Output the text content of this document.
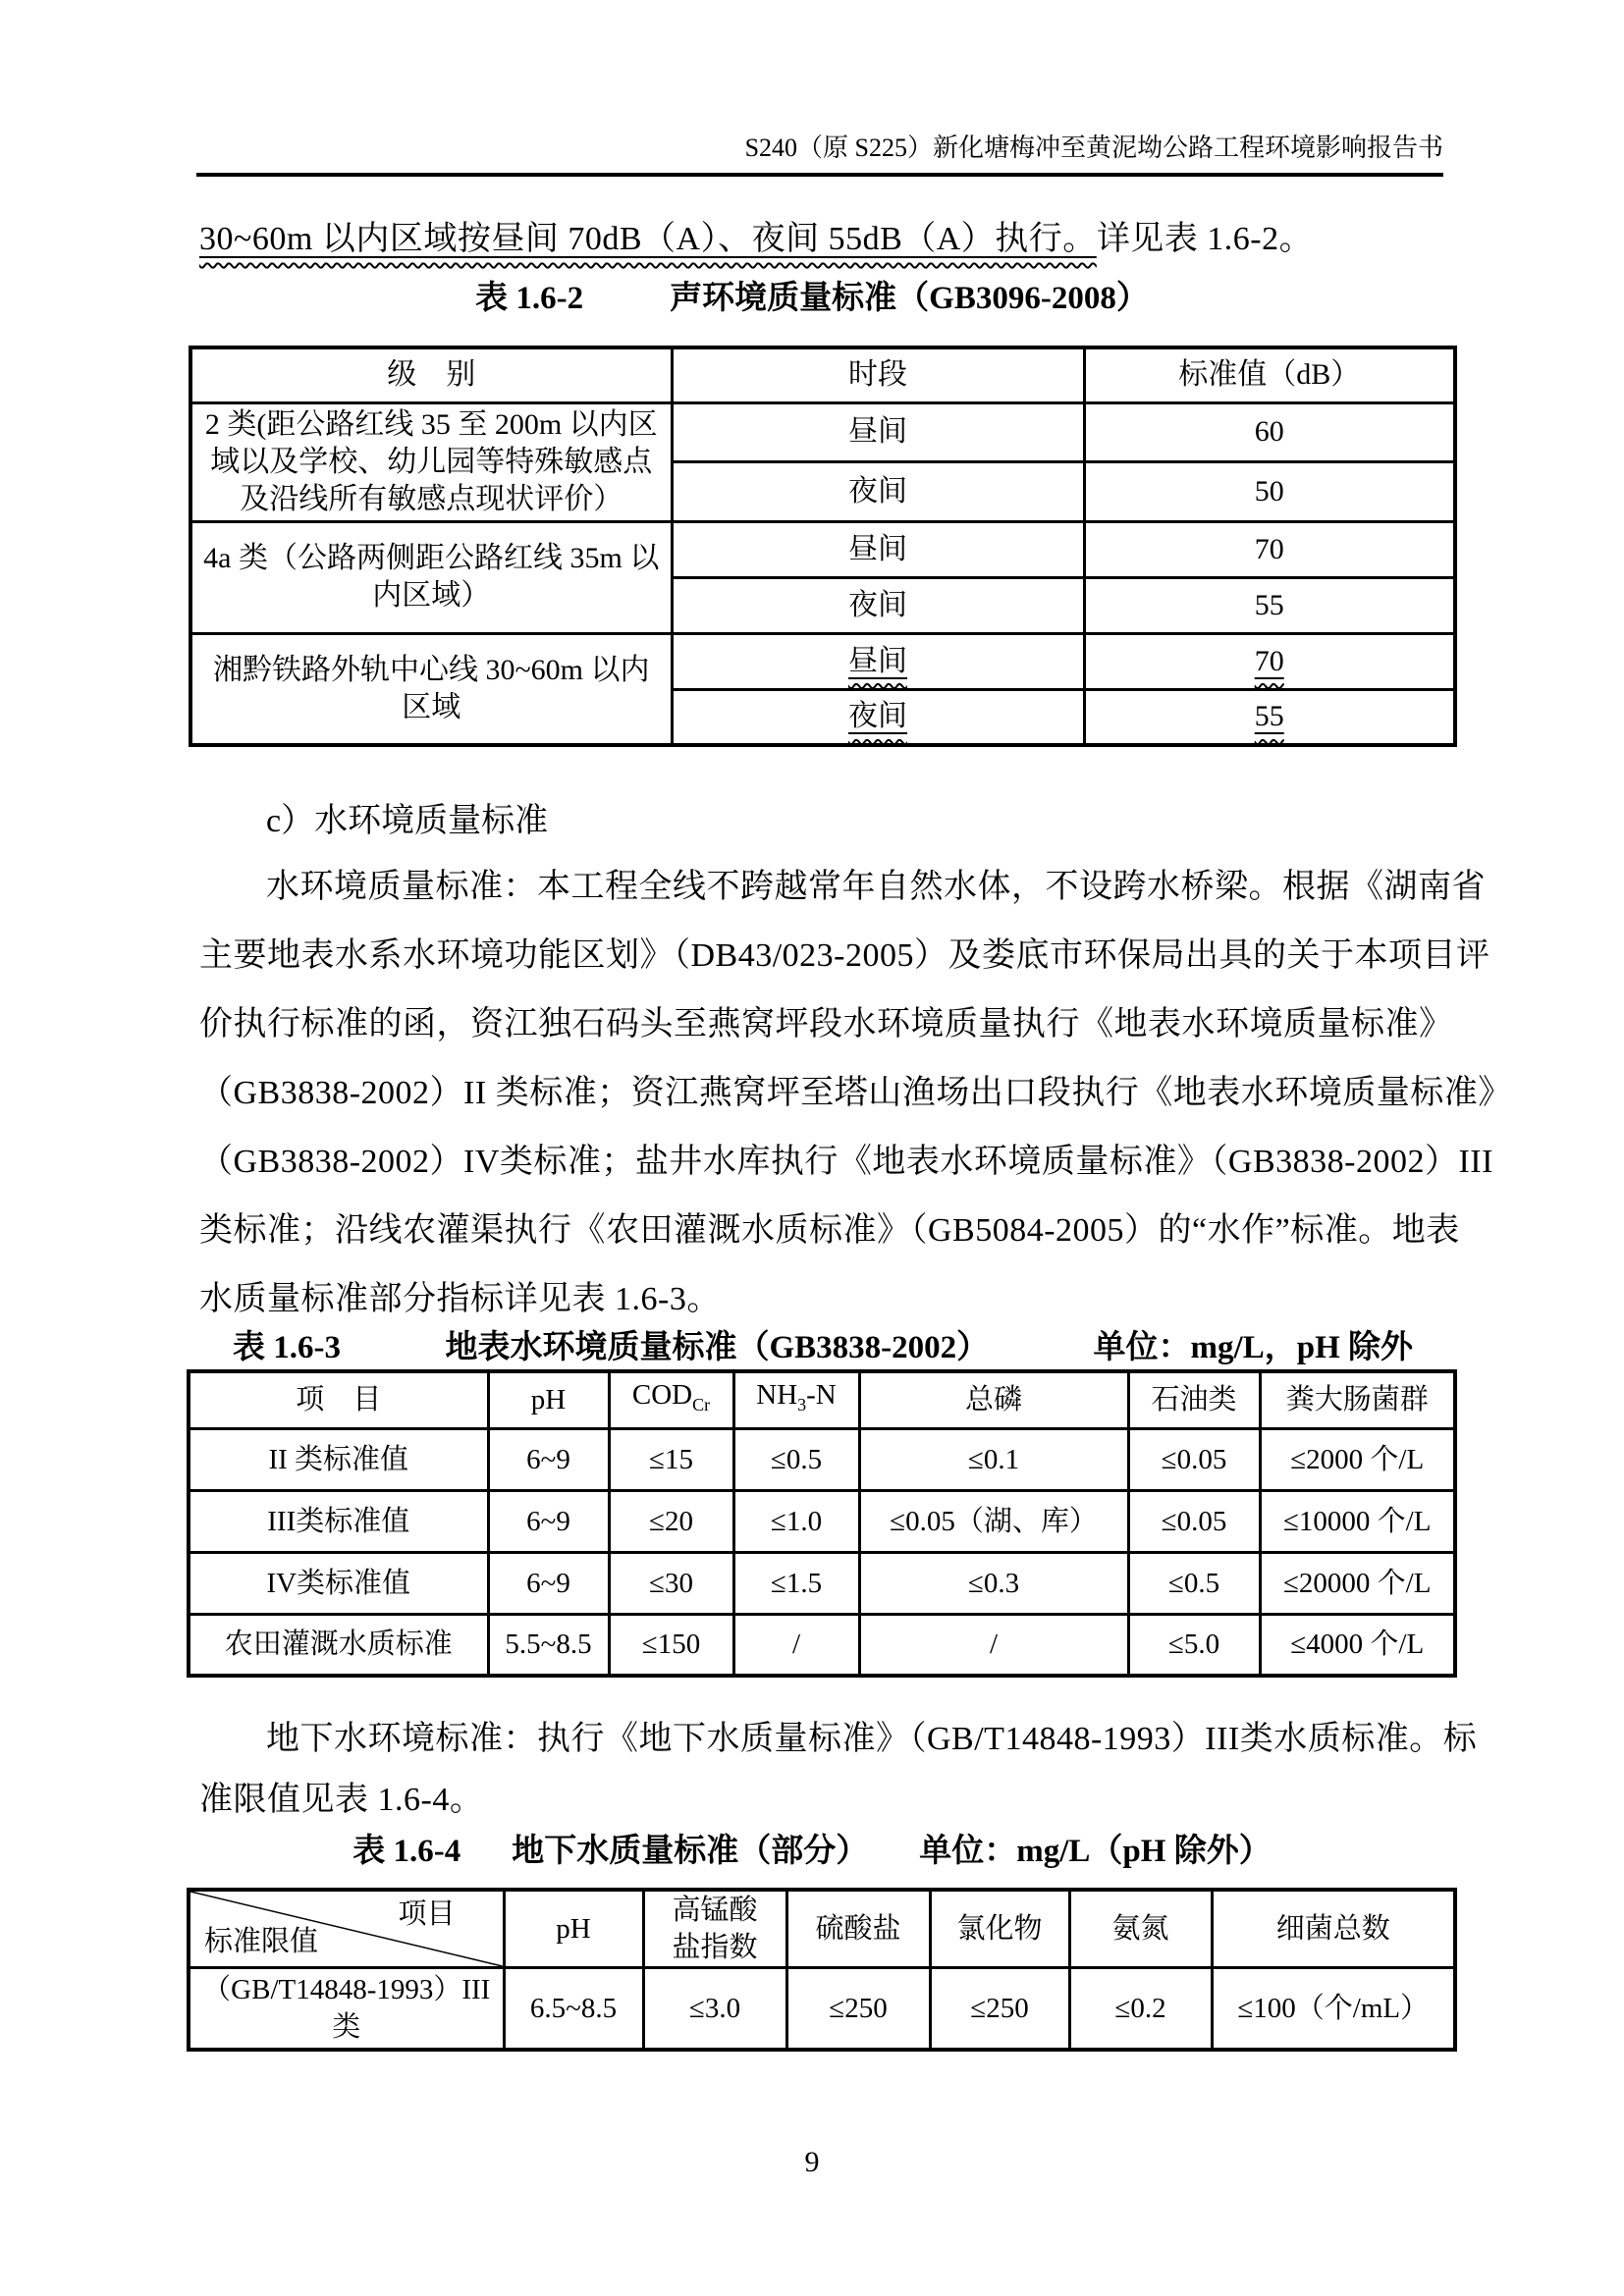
S240（原 S225）新化塘梅冲至黄泥坳公路工程环境影响报告书
30~60m 以内区域按昼间 70dB（A）、夜间 55dB（A）执行。详见表 1.6-2。
表 1.6-2	声环境质量标准（GB3096-2008）
级　别	时段	标准值（dB）
2 类(距公路红线 35 至 200m 以内区域以及学校、幼儿园等特殊敏感点及沿线所有敏感点现状评价）	昼间	60
	夜间	50
4a 类（公路两侧距公路红线 35m 以内区域）	昼间	70
	夜间	55
湘黔铁路外轨中心线 30~60m 以内区域	昼间	70
	夜间	55
c）水环境质量标准
水环境质量标准：本工程全线不跨越常年自然水体，不设跨水桥梁。根据《湖南省
主要地表水系水环境功能区划》（DB43/023-2005）及娄底市环保局出具的关于本项目评
价执行标准的函，资江独石码头至燕窝坪段水环境质量执行《地表水环境质量标准》
（GB3838-2002）II 类标准；资江燕窝坪至塔山渔场出口段执行《地表水环境质量标准》
（GB3838-2002）IV类标准；盐井水库执行《地表水环境质量标准》（GB3838-2002）III
类标准；沿线农灌渠执行《农田灌溉水质标准》（GB5084-2005）的“水作”标准。地表
水质量标准部分指标详见表 1.6-3。
表 1.6-3	地表水环境质量标准（GB3838-2002）	单位：mg/L，pH 除外
项　目	pH	$COD_{Cr}$	$NH_3-N$	总磷	石油类	粪大肠菌群
II 类标准值	6~9	≤15	≤0.5	≤0.1	≤0.05	≤2000 个/L
III类标准值	6~9	≤20	≤1.0	≤0.05（湖、库）	≤0.05	≤10000 个/L
IV类标准值	6~9	≤30	≤1.5	≤0.3	≤0.5	≤20000 个/L
农田灌溉水质标准	5.5~8.5	≤150	/	/	≤5.0	≤4000 个/L
地下水环境标准：执行《地下水质量标准》（GB/T14848-1993）III类水质标准。标
准限值见表 1.6-4。
表 1.6-4 地下水质量标准（部分） 单位：mg/L（pH 除外）
项目
标准限值	pH	高锰酸盐指数	硫酸盐	氯化物	氨氮	细菌总数
（GB/T14848-1993）III类	6.5~8.5	≤3.0	≤250	≤250	≤0.2	≤100（个/mL）
9
